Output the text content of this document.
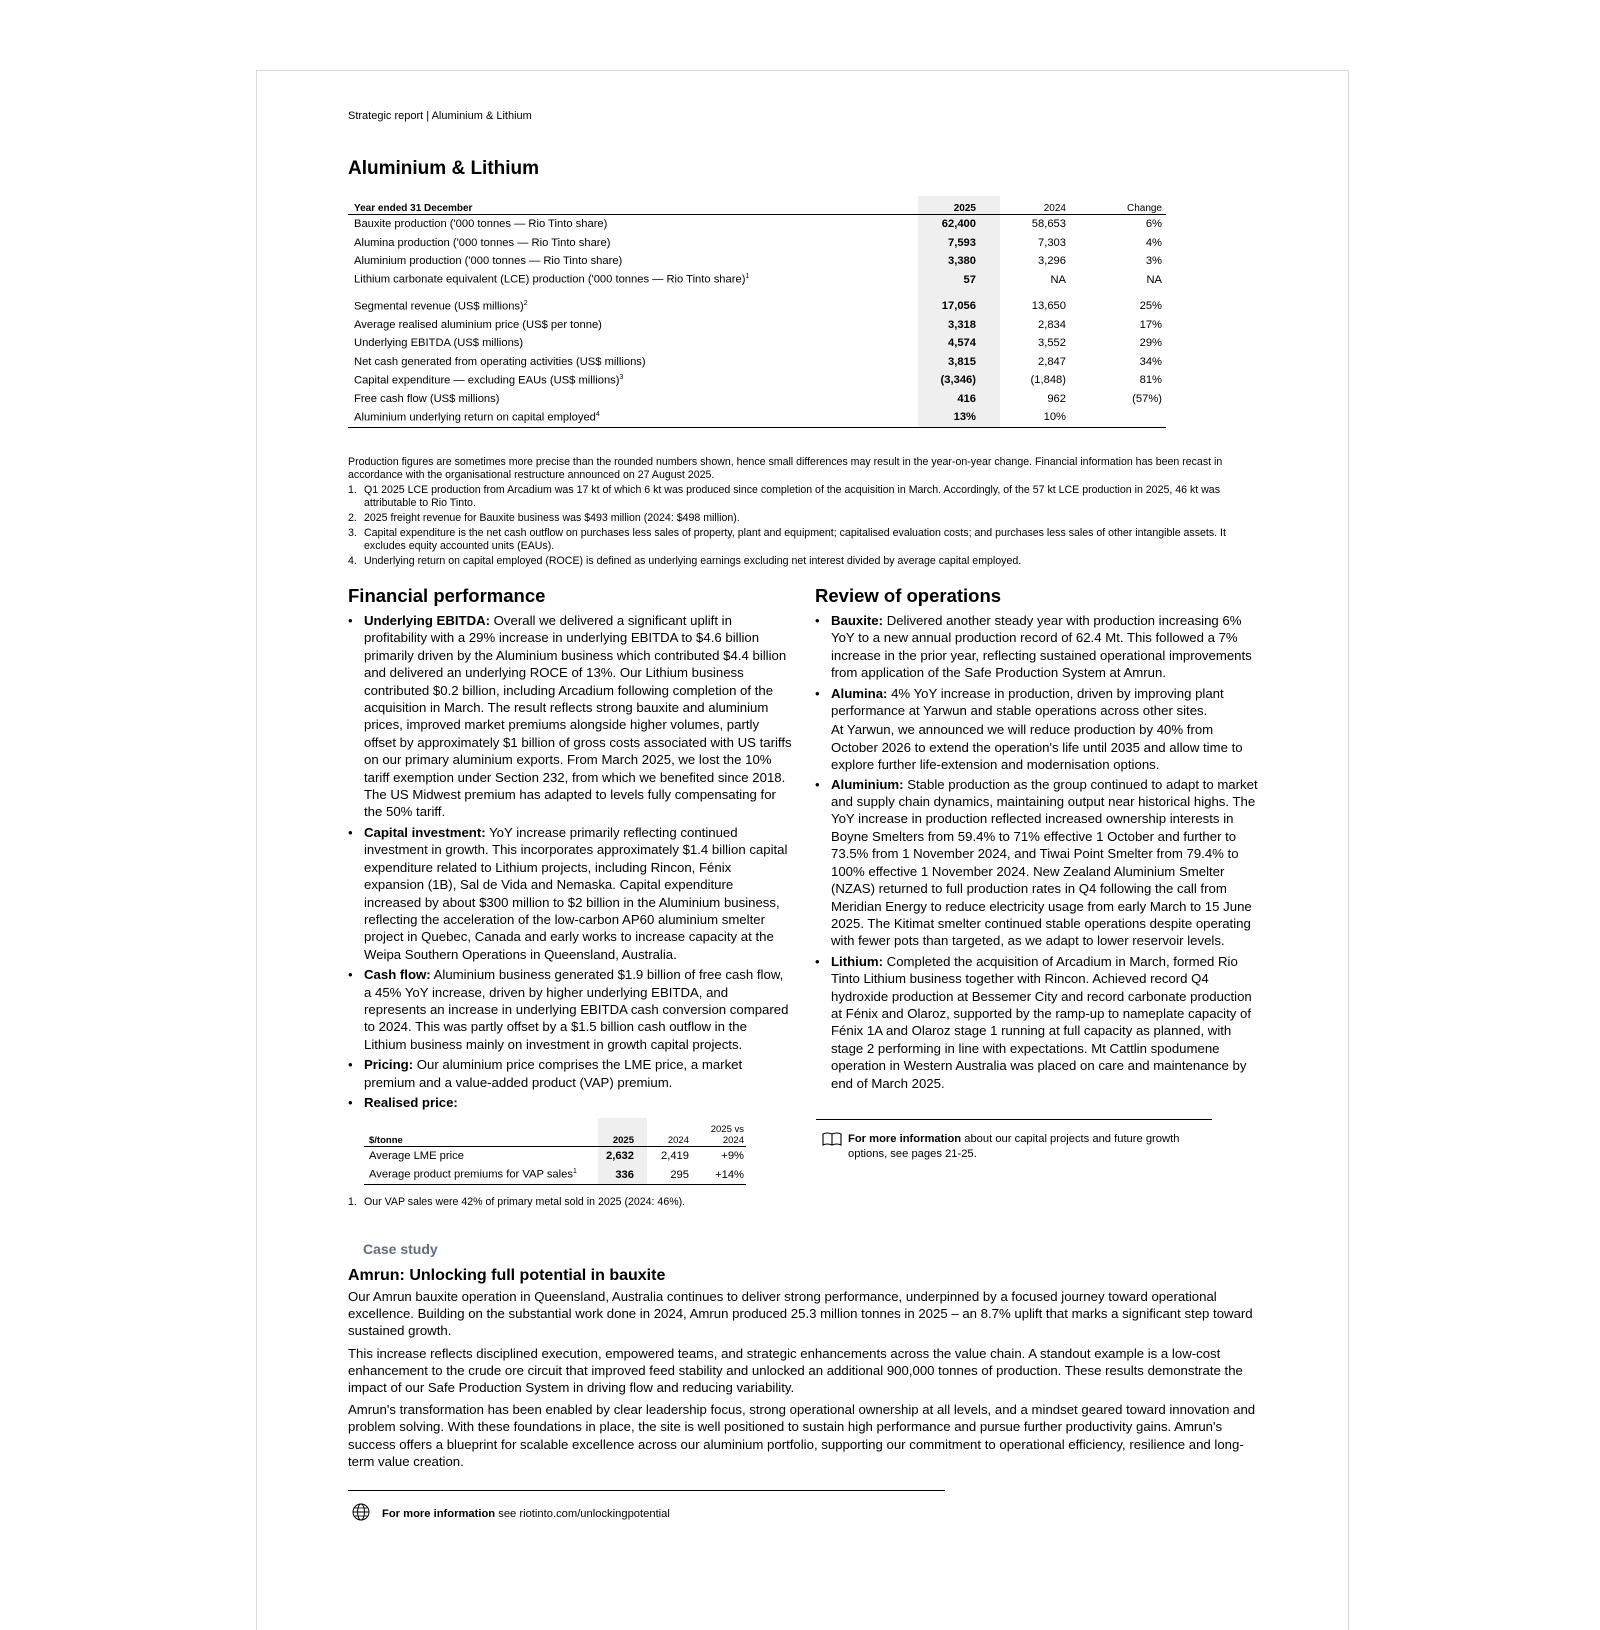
Strategic report | Aluminium & Lithium
Aluminium & Lithium
Year ended 31 December	2025	2024	Change
Bauxite production ('000 tonnes — Rio Tinto share)	62,400	58,653	6%
Alumina production ('000 tonnes — Rio Tinto share)	7,593	7,303	4%
Aluminium production ('000 tonnes — Rio Tinto share)	3,380	3,296	3%
Lithium carbonate equivalent (LCE) production ('000 tonnes — Rio Tinto share)$^1$	57	NA	NA

Segmental revenue (US$ millions)$^2$	17,056	13,650	25%
Average realised aluminium price (US$ per tonne)	3,318	2,834	17%
Underlying EBITDA (US$ millions)	4,574	3,552	29%
Net cash generated from operating activities (US$ millions)	3,815	2,847	34%
Capital expenditure — excluding EAUs (US$ millions)$^3$	(3,346)	(1,848)	81%
Free cash flow (US$ millions)	416	962	(57%)
Aluminium underlying return on capital employed$^4$	13%	10%	

Production figures are sometimes more precise than the rounded numbers shown, hence small differences may result in the year-on-year change. Financial information has been recast in accordance with the organisational restructure announced on 27 August 2025.

1. Q1 2025 LCE production from Arcadium was 17 kt of which 6 kt was produced since completion of the acquisition in March. Accordingly, of the 57 kt LCE production in 2025, 46 kt was attributable to Rio Tinto.
2. 2025 freight revenue for Bauxite business was $493 million (2024: $498 million).
3. Capital expenditure is the net cash outflow on purchases less sales of property, plant and equipment; capitalised evaluation costs; and purchases less sales of other intangible assets. It excludes equity accounted units (EAUs).
4. Underlying return on capital employed (ROCE) is defined as underlying earnings excluding net interest divided by average capital employed.
Financial performance
• Underlying EBITDA: Overall we delivered a significant uplift in profitability with a 29% increase in underlying EBITDA to $4.6 billion primarily driven by the Aluminium business which contributed $4.4 billion and delivered an underlying ROCE of 13%. Our Lithium business contributed $0.2 billion, including Arcadium following completion of the acquisition in March. The result reflects strong bauxite and aluminium prices, improved market premiums alongside higher volumes, partly offset by approximately $1 billion of gross costs associated with US tariffs on our primary aluminium exports. From March 2025, we lost the 10% tariff exemption under Section 232, from which we benefited since 2018. The US Midwest premium has adapted to levels fully compensating for the 50% tariff.
• Capital investment: YoY increase primarily reflecting continued investment in growth. This incorporates approximately $1.4 billion capital expenditure related to Lithium projects, including Rincon, Fénix expansion (1B), Sal de Vida and Nemaska. Capital expenditure increased by about $300 million to $2 billion in the Aluminium business, reflecting the acceleration of the low-carbon AP60 aluminium smelter project in Quebec, Canada and early works to increase capacity at the Weipa Southern Operations in Queensland, Australia.
• Cash flow: Aluminium business generated $1.9 billion of free cash flow, a 45% YoY increase, driven by higher underlying EBITDA, and represents an increase in underlying EBITDA cash conversion compared to 2024. This was partly offset by a $1.5 billion cash outflow in the Lithium business mainly on investment in growth capital projects.
• Pricing: Our aluminium price comprises the LME price, a market premium and a value-added product (VAP) premium.
• Realised price:
$/tonne	2025	2024	2025 vs 2024
Average LME price	2,632	2,419	+9%
Average product premiums for VAP sales$^1$	336	295	+14%
1. Our VAP sales were 42% of primary metal sold in 2025 (2024: 46%).
Review of operations
• Bauxite: Delivered another steady year with production increasing 6% YoY to a new annual production record of 62.4 Mt. This followed a 7% increase in the prior year, reflecting sustained operational improvements from application of the Safe Production System at Amrun.
• Alumina: 4% YoY increase in production, driven by improving plant performance at Yarwun and stable operations across other sites.
At Yarwun, we announced we will reduce production by 40% from October 2026 to extend the operation's life until 2035 and allow time to explore further life-extension and modernisation options.
• Aluminium: Stable production as the group continued to adapt to market and supply chain dynamics, maintaining output near historical highs. The YoY increase in production reflected increased ownership interests in Boyne Smelters from 59.4% to 71% effective 1 October and further to 73.5% from 1 November 2024, and Tiwai Point Smelter from 79.4% to 100% effective 1 November 2024. New Zealand Aluminium Smelter (NZAS) returned to full production rates in Q4 following the call from Meridian Energy to reduce electricity usage from early March to 15 June 2025. The Kitimat smelter continued stable operations despite operating with fewer pots than targeted, as we adapt to lower reservoir levels.
• Lithium: Completed the acquisition of Arcadium in March, formed Rio Tinto Lithium business together with Rincon. Achieved record Q4 hydroxide production at Bessemer City and record carbonate production at Fénix and Olaroz, supported by the ramp-up to nameplate capacity of Fénix 1A and Olaroz stage 1 running at full capacity as planned, with stage 2 performing in line with expectations. Mt Cattlin spodumene operation in Western Australia was placed on care and maintenance by end of March 2025.
For more information about our capital projects and future growth options, see pages 21-25.
Case study
Amrun: Unlocking full potential in bauxite

Our Amrun bauxite operation in Queensland, Australia continues to deliver strong performance, underpinned by a focused journey toward operational excellence. Building on the substantial work done in 2024, Amrun produced 25.3 million tonnes in 2025 – an 8.7% uplift that marks a significant step toward sustained growth.

This increase reflects disciplined execution, empowered teams, and strategic enhancements across the value chain. A standout example is a low-cost enhancement to the crude ore circuit that improved feed stability and unlocked an additional 900,000 tonnes of production. These results demonstrate the impact of our Safe Production System in driving flow and reducing variability.

Amrun's transformation has been enabled by clear leadership focus, strong operational ownership at all levels, and a mindset geared toward innovation and problem solving. With these foundations in place, the site is well positioned to sustain high performance and pursue further productivity gains. Amrun's success offers a blueprint for scalable excellence across our aluminium portfolio, supporting our commitment to operational efficiency, resilience and long-term value creation.

For more information see riotinto.com/unlockingpotential
